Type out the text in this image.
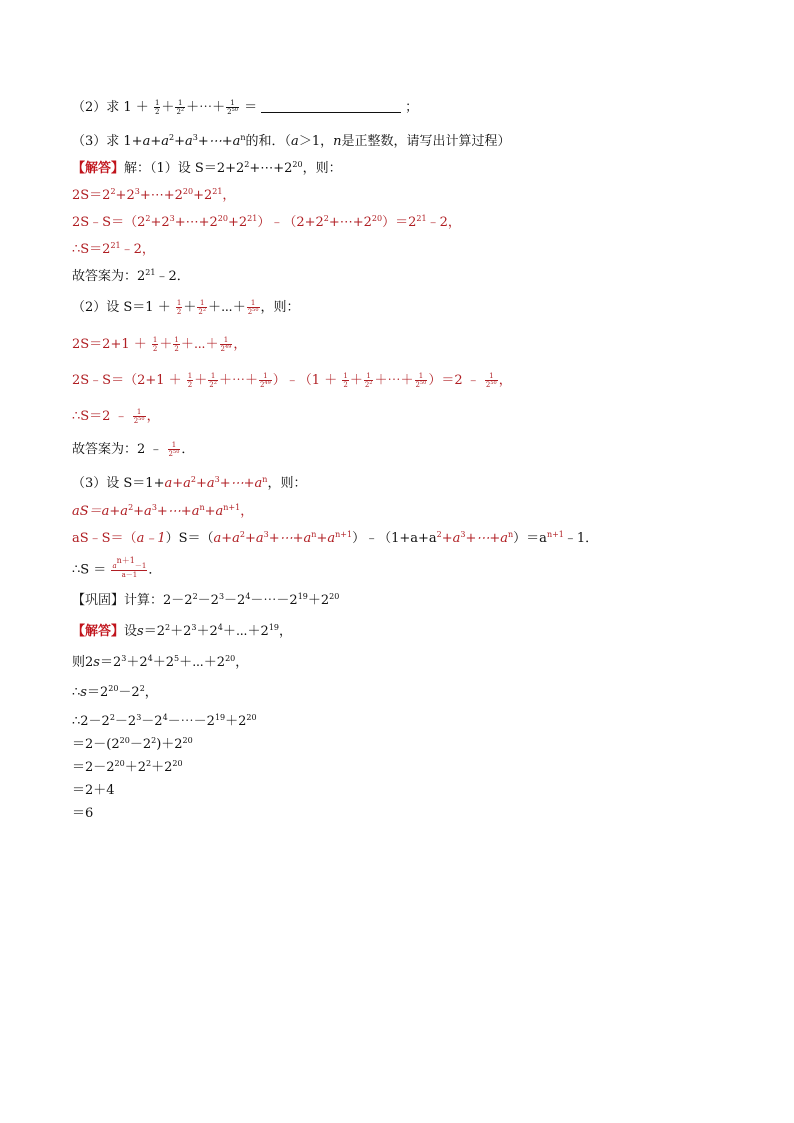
（2）求 $1 + \frac{1}{2} + \frac{1}{2^2}$ ＋⋯＋ $\frac{1}{2^{50}}$ ＝	；
（3）求 $1+a+a^2+a^3+\cdots+a^n$的和．（a＞1，n是正整数，请写出计算过程）
【解答】解：（1）设 $S=2+2^2+\cdots+2^{20}$，则：
$2S=2^2+2^3+\cdots+2^{20}+2^{21}$，
$2S﹣S=(2^2+2^3+\cdots+2^{20}+2^{21})﹣(2+2^2+\cdots+2^{20})=2^{21}﹣2$，
$\therefore S=2^{21}﹣2$，
故答案为：$2^{21}﹣2$．
（2）设 $S=1 + \frac{1}{2} + \frac{1}{2^2}$ ＋⋯＋ $\frac{1}{2^{50}}$ ，则：
$2S=2+1 + \frac{1}{2} + \frac{1}{2}$ ＋⋯＋ $\frac{1}{2^{49}}$ ，
2S﹣S＝（2+1 ＋ $\frac{1}{2} + \frac{1}{2^2}$ ＋⋯＋ $\frac{1}{2^{49}}$ ）﹣（1 ＋ $\frac{1}{2} + \frac{1}{2^2}$ ＋⋯＋ $\frac{1}{2^{50}} )=2$ ﹣ $\frac{1}{2^{50}}$ ，
∴S＝2 ﹣ $\frac{1}{2^{50}}$ ，
故答案为：2 ﹣ $\frac{1}{2^{50}}$ ．
（3）设 $S=1+a+a^2+a^3+\cdots+a^n$，则：
$aS=a+a^2+a^3+\cdots+a^n+a^{n+1}$，
$aS﹣S=(a﹣1)S=(a+a^2+a^3+\cdots+a^n+a^{n+1})﹣(1+a+a^2+a^3+\cdots+a^n)=a^{n+1}﹣1$．
∴S ＝ $\frac{a^{n+1}-1}{a-1}$ ．
【巩固】计算：$2-2^2-2^3-2^4-\cdots-2^{19}+2^{20}$
【解答】设$s=2^2+2^3+2^4+\cdots+2^{19}$，
则$2s=2^3+2^4+2^5+\cdots+2^{20}$，
$\therefore s=2^{20}-2^2$，
$\therefore 2-2^2-2^3-2^4-\cdots-2^{19}+2^{20}$
$=2-(2^{20}-2^2)+2^{20}$
$=2-2^{20}+2^2+2^{20}$
＝2＋4
＝6
